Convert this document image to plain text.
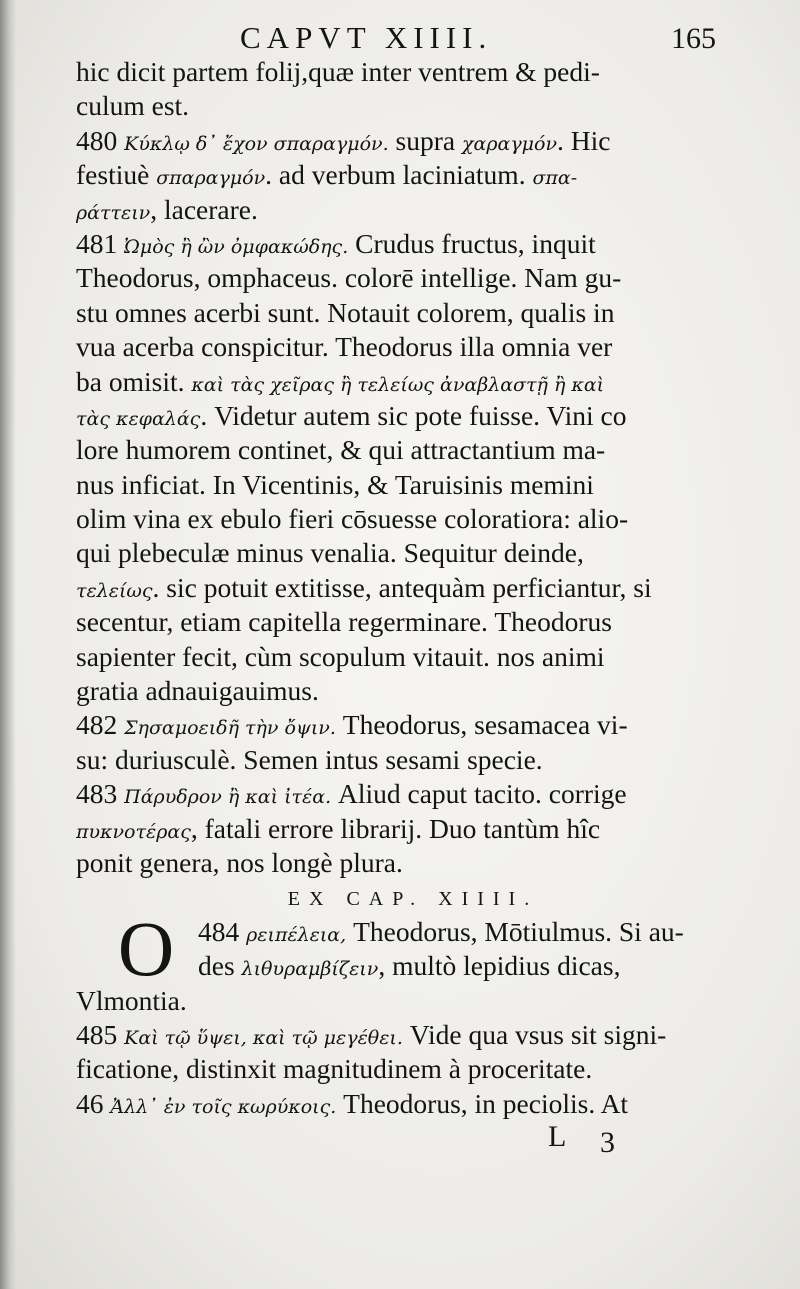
CAPVT XIIII.	165
hic dicit partem folij,quæ inter ventrem & pedi-
culum est.
480 Κύκλῳ δ᾽ ἔχον σπαραγμόν. supra χαραγμόν. Hic
festiuè σπαραγμόν. ad verbum laciniatum. σπα-
ράττειν, lacerare.
481 Ὠμὸς ἢ ὢν ὀμφακώδης. Crudus fructus, inquit
Theodorus, omphaceus. colorē intellige. Nam gu-
stu omnes acerbi sunt. Notauit colorem, qualis in
vua acerba conspicitur. Theodorus illa omnia ver
ba omisit. καὶ τὰς χεῖρας ἢ τελείως ἀναβλαστῇ ἢ καὶ
τὰς κεφαλάς. Videtur autem sic pote fuisse. Vini co
lore humorem continet, & qui attractantium ma-
nus inficiat. In Vicentinis, & Taruisinis memini
olim vina ex ebulo fieri cōsuesse coloratiora: alio-
qui plebeculæ minus venalia. Sequitur deinde,
τελείως. sic potuit extitisse, antequàm perficiantur, si
secentur, etiam capitella regerminare. Theodorus
sapienter fecit, cùm scopulum vitauit. nos animi
gratia adnauigauimus.
482 Σησαμοειδῆ τὴν ὄψιν. Theodorus, sesamacea vi-
su: duriusculè. Semen intus sesami specie.
483 Πάρυδρον ἢ καὶ ἰτέα. Aliud caput tacito. corrige
πυκνοτέρας, fatali errore librarij. Duo tantùm hîc
ponit genera, nos longè plura.
EX CAP. XIIII.
O 484 ρειπέλεια, Theodorus, Mōtiulmus. Si au-
des λιθυραμβίζειν, multò lepidius dicas,
Vlmontia.
485 Καὶ τῷ ὕψει, καὶ τῷ μεγέθει. Vide qua vsus sit signi-
ficatione, distinxit magnitudinem à proceritate.
46 Ἀλλ᾽ ἐν τοῖς κωρύκοις. Theodorus, in peciolis. At
L 3
